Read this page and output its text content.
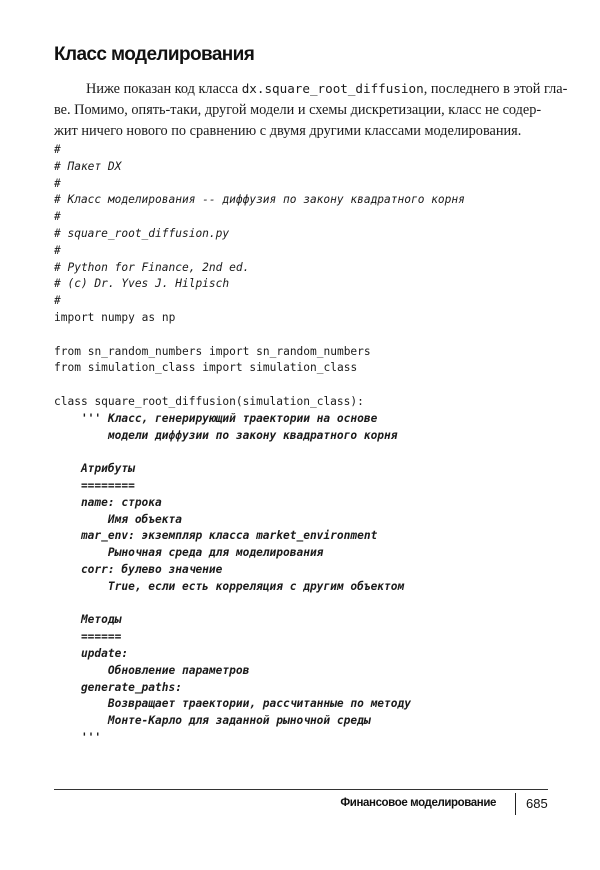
Класс моделирования
Ниже показан код класса dx.square_root_diffusion, последнего в этой гла-
ве. Помимо, опять-таки, другой модели и схемы дискретизации, класс не содер-
жит ничего нового по сравнению с двумя другими классами моделирования.
#
# Пакет DX
#
# Класс моделирования -- диффузия по закону квадратного корня
#
# square_root_diffusion.py
#
# Python for Finance, 2nd ed.
# (c) Dr. Yves J. Hilpisch
#
import numpy as np
from sn_random_numbers import sn_random_numbers
from simulation_class import simulation_class
class square_root_diffusion(simulation_class):
''' Класс, генерирующий траектории на основе
модели диффузии по закону квадратного корня
Атрибуты
========
name: строка
Имя объекта
mar_env: экземпляр класса market_environment
Рыночная среда для моделирования
corr: булево значение
True, если есть корреляция с другим объектом
Методы
======
update:
Обновление параметров
generate_paths:
Возвращает траектории, рассчитанные по методу
Монте-Карло для заданной рыночной среды
'''
Финансовое моделирование 685
